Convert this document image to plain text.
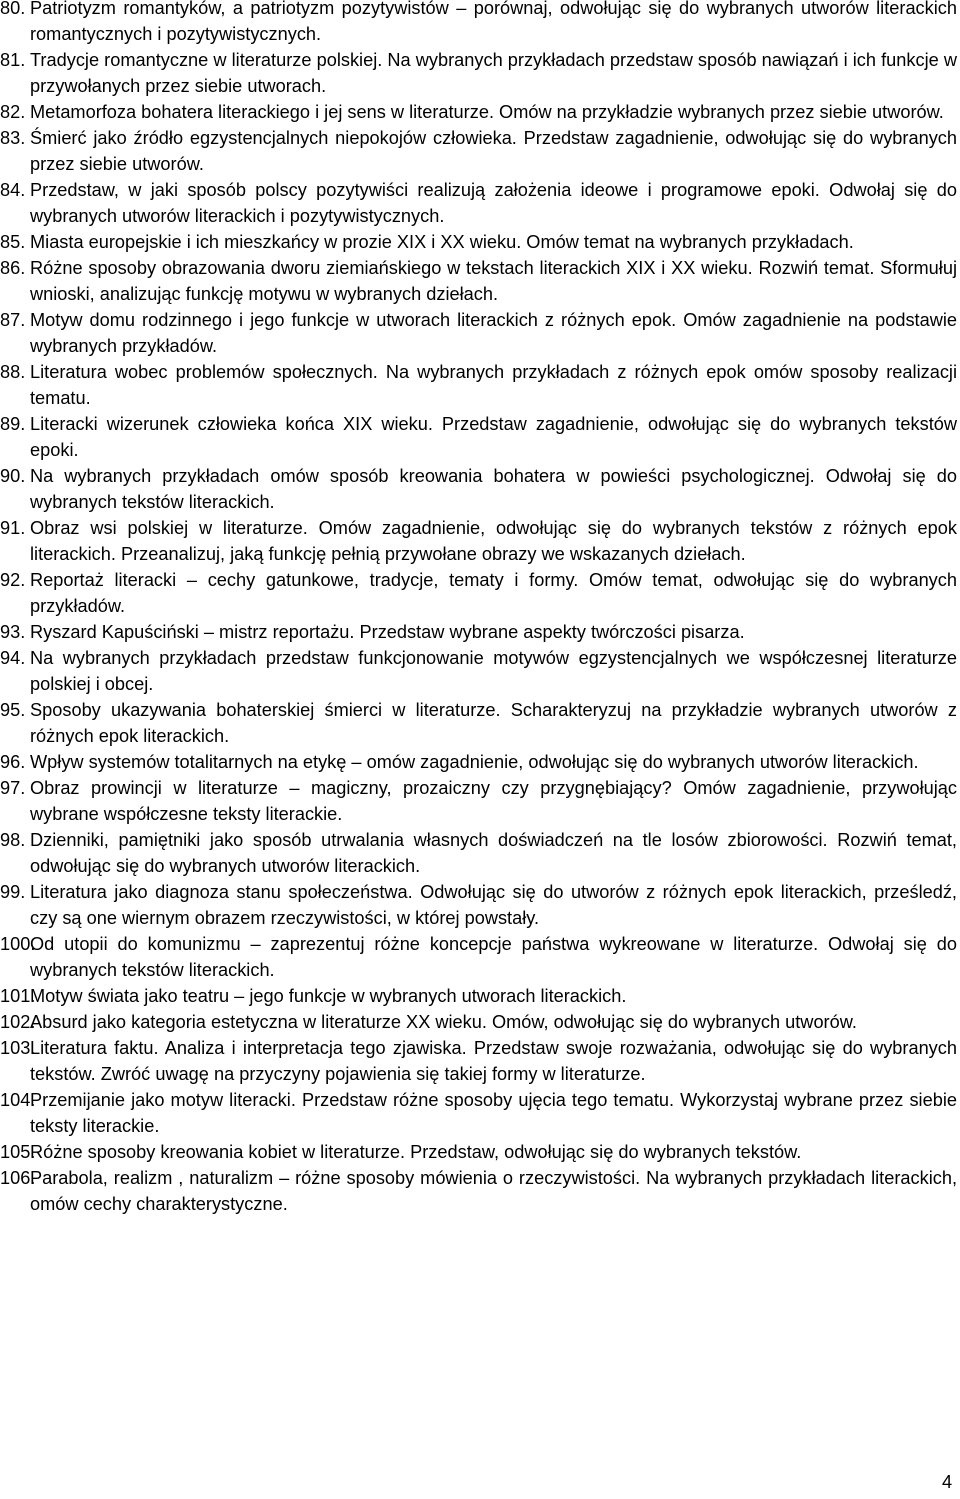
80. Patriotyzm romantyków, a patriotyzm pozytywistów – porównaj, odwołując się do wybranych utworów literackich romantycznych i pozytywistycznych.
81. Tradycje romantyczne w literaturze polskiej. Na wybranych przykładach przedstaw sposób nawiązań i ich funkcje w przywołanych przez siebie utworach.
82. Metamorfoza bohatera literackiego i jej sens w literaturze. Omów na przykładzie wybranych przez siebie utworów.
83. Śmierć jako źródło egzystencjalnych niepokojów człowieka. Przedstaw zagadnienie, odwołując się do wybranych przez siebie utworów.
84. Przedstaw, w jaki sposób polscy pozytywiści realizują założenia ideowe i programowe epoki. Odwołaj się do wybranych utworów literackich i pozytywistycznych.
85. Miasta europejskie i ich mieszkańcy w prozie XIX i XX wieku. Omów temat na wybranych przykładach.
86. Różne sposoby obrazowania dworu ziemiańskiego w tekstach literackich XIX i XX wieku. Rozwiń temat. Sformułuj wnioski, analizując funkcję motywu w wybranych dziełach.
87. Motyw domu rodzinnego i jego funkcje w utworach literackich z różnych epok. Omów zagadnienie na podstawie wybranych przykładów.
88. Literatura wobec problemów społecznych. Na wybranych przykładach z różnych epok omów sposoby realizacji tematu.
89. Literacki wizerunek człowieka końca XIX wieku. Przedstaw zagadnienie, odwołując się do wybranych tekstów epoki.
90. Na wybranych przykładach omów sposób kreowania bohatera w powieści psychologicznej. Odwołaj się do wybranych tekstów literackich.
91. Obraz wsi polskiej w literaturze. Omów zagadnienie, odwołując się do wybranych tekstów z różnych epok literackich. Przeanalizuj, jaką funkcję pełnią przywołane obrazy we wskazanych dziełach.
92. Reportaż literacki – cechy gatunkowe, tradycje, tematy i formy. Omów temat, odwołując się do wybranych przykładów.
93. Ryszard Kapuściński – mistrz reportażu. Przedstaw wybrane aspekty twórczości pisarza.
94. Na wybranych przykładach przedstaw funkcjonowanie motywów egzystencjalnych we współczesnej literaturze polskiej i obcej.
95. Sposoby ukazywania bohaterskiej śmierci w literaturze. Scharakteryzuj na przykładzie wybranych utworów z różnych epok literackich.
96. Wpływ systemów totalitarnych na etykę – omów zagadnienie, odwołując się do wybranych utworów literackich.
97. Obraz prowincji w literaturze – magiczny, prozaiczny czy przygnębiający? Omów zagadnienie, przywołując wybrane współczesne teksty literackie.
98. Dzienniki, pamiętniki jako sposób utrwalania własnych doświadczeń na tle losów zbiorowości. Rozwiń temat, odwołując się do wybranych utworów literackich.
99. Literatura jako diagnoza stanu społeczeństwa. Odwołując się do utworów z różnych epok literackich, prześledź, czy są one wiernym obrazem rzeczywistości, w której powstały.
100.
Od utopii do komunizmu – zaprezentuj różne koncepcje państwa wykreowane w literaturze. Odwołaj się do wybranych tekstów literackich.
101.
Motyw świata jako teatru – jego funkcje w wybranych utworach literackich.
102.
Absurd jako kategoria estetyczna w literaturze XX wieku. Omów, odwołując się do wybranych utworów.
103.
Literatura faktu. Analiza i interpretacja tego zjawiska. Przedstaw swoje rozważania, odwołując się do wybranych tekstów. Zwróć uwagę na przyczyny pojawienia się takiej formy w literaturze.
104.
Przemijanie jako motyw literacki. Przedstaw różne sposoby ujęcia tego tematu. Wykorzystaj wybrane przez siebie teksty literackie.
105.
Różne sposoby kreowania kobiet w literaturze. Przedstaw, odwołując się do wybranych tekstów.
106.
Parabola, realizm , naturalizm – różne sposoby mówienia o rzeczywistości. Na wybranych przykładach literackich, omów cechy charakterystyczne.
4
